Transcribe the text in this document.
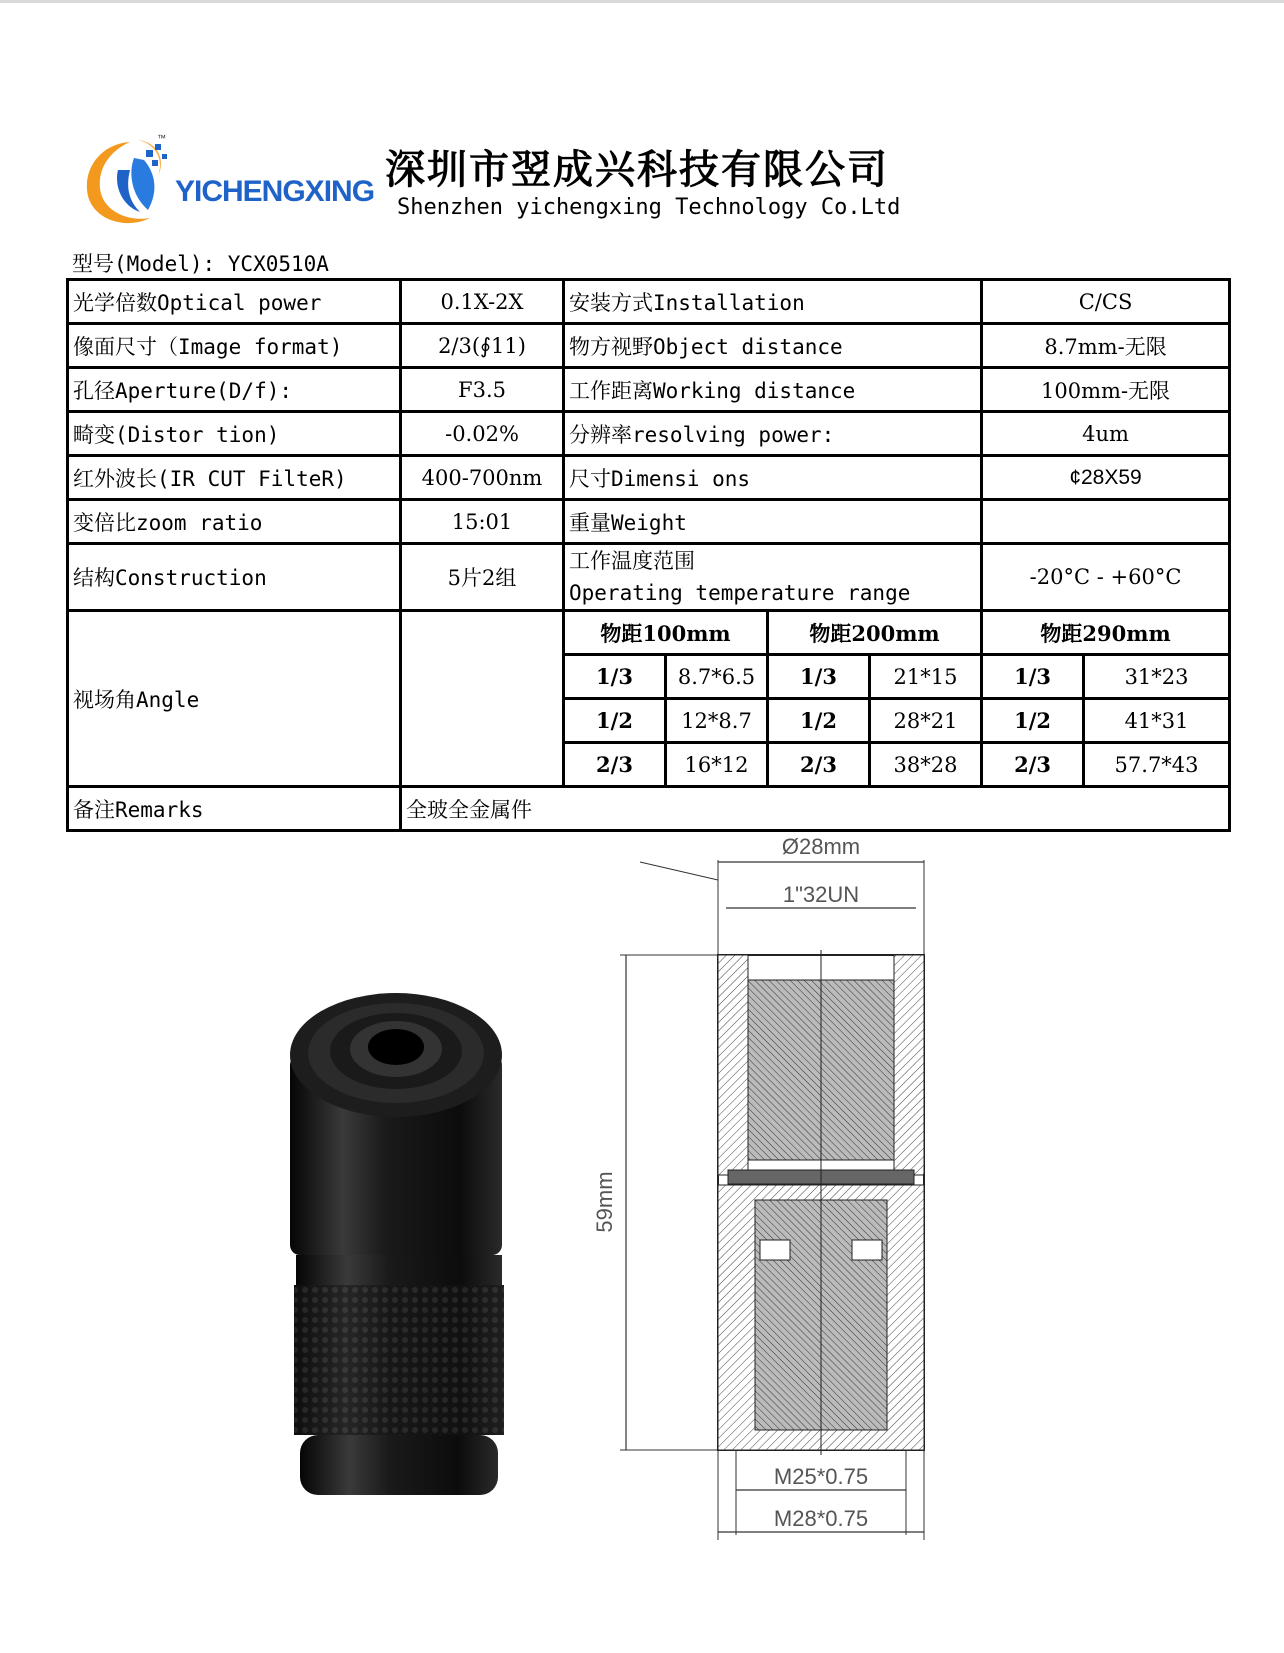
™
YICHENGXING 深圳市翌成兴科技有限公司
Shenzhen yichengxing Technology Co.Ltd
型号(Model): YCX0510A
光学倍数Optical power	0.1X-2X	安装方式Installation				C/CS	
像面尺寸（Image format)	2/3(∮11)	物方视野Object distance				8.7mm-无限	
孔径Aperture(D/f):	F3.5	工作距离Working distance				100mm-无限	
畸变(Distor tion)	-0.02%	分辨率resolving power:				4um	
红外波长(IR CUT FilteR)	400-700nm	尺寸Dimensi ons				¢28X59	
变倍比zoom ratio	15:01	重量Weight					
结构Construction	5片2组	工作温度范围
Operating temperature range				-20°C - +60°C	
视场角Angle		物距100mm		物距200mm		物距290mm	
		1/3	8.7*6.5	1/3	21*15	1/3	31*23
		1/2	12*8.7	1/2	28*21	1/2	41*31
		2/3	16*12	2/3	38*28	2/3	57.7*43
备注Remarks	全玻全金属件						
Ø28mm
1"32UN
59mm
M25*0.75
M28*0.75
